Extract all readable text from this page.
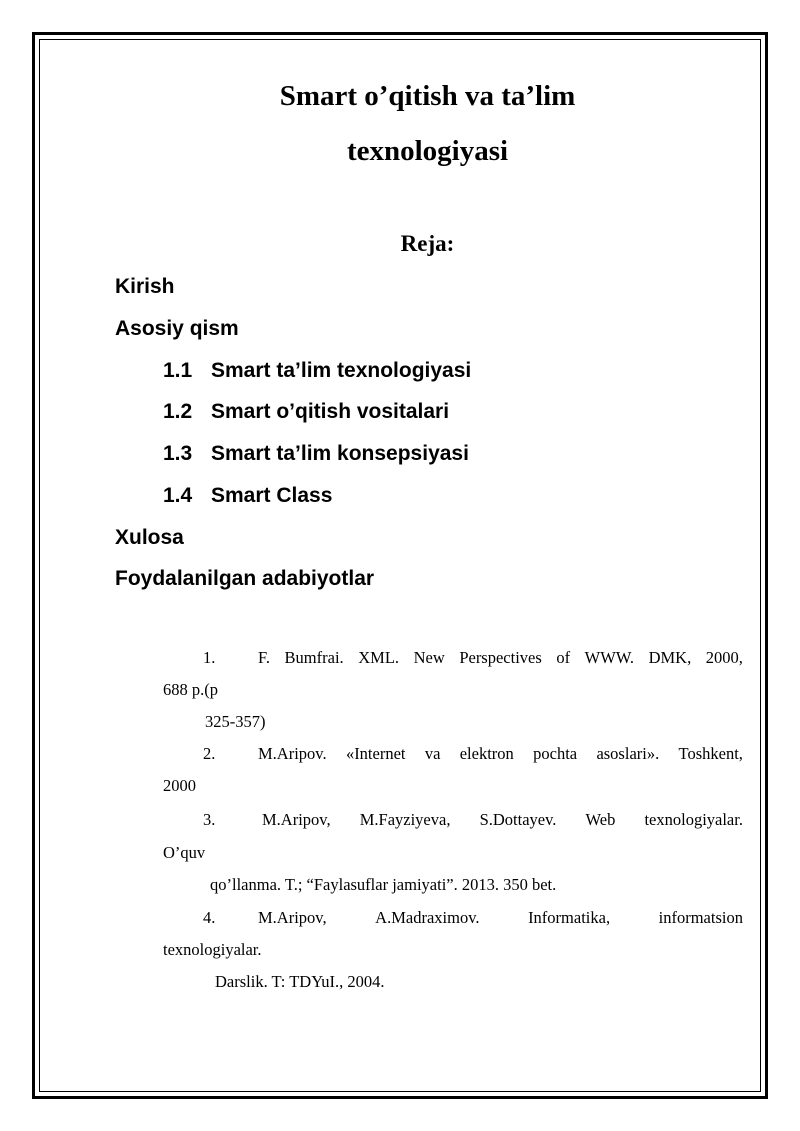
Smart o’qitish va ta’lim
texnologiyasi
Reja:
Kirish
Asosiy qism
1.1 Smart ta’lim texnologiyasi
1.2 Smart o’qitish vositalari
1.3 Smart ta’lim konsepsiyasi
1.4 Smart Class
Xulosa
Foydalanilgan adabiyotlar
1.	F. Bumfrai. XML. New Perspectives of WWW. DMK, 2000,
688 p.(p
325-357)
2.	M.Aripov. «Internet va elektron pochta asoslari». Toshkent,
2000
3.	M.Aripov, M.Fayziyeva, S.Dottayev. Web texnologiyalar.
O’quv
qo’llanma. T.; “Faylasuflar jamiyati”. 2013. 350 bet.
4.	M.Aripov,	A.Madraximov.	Informatika,	informatsion
texnologiyalar.
Darslik. T: TDYuI., 2004.
